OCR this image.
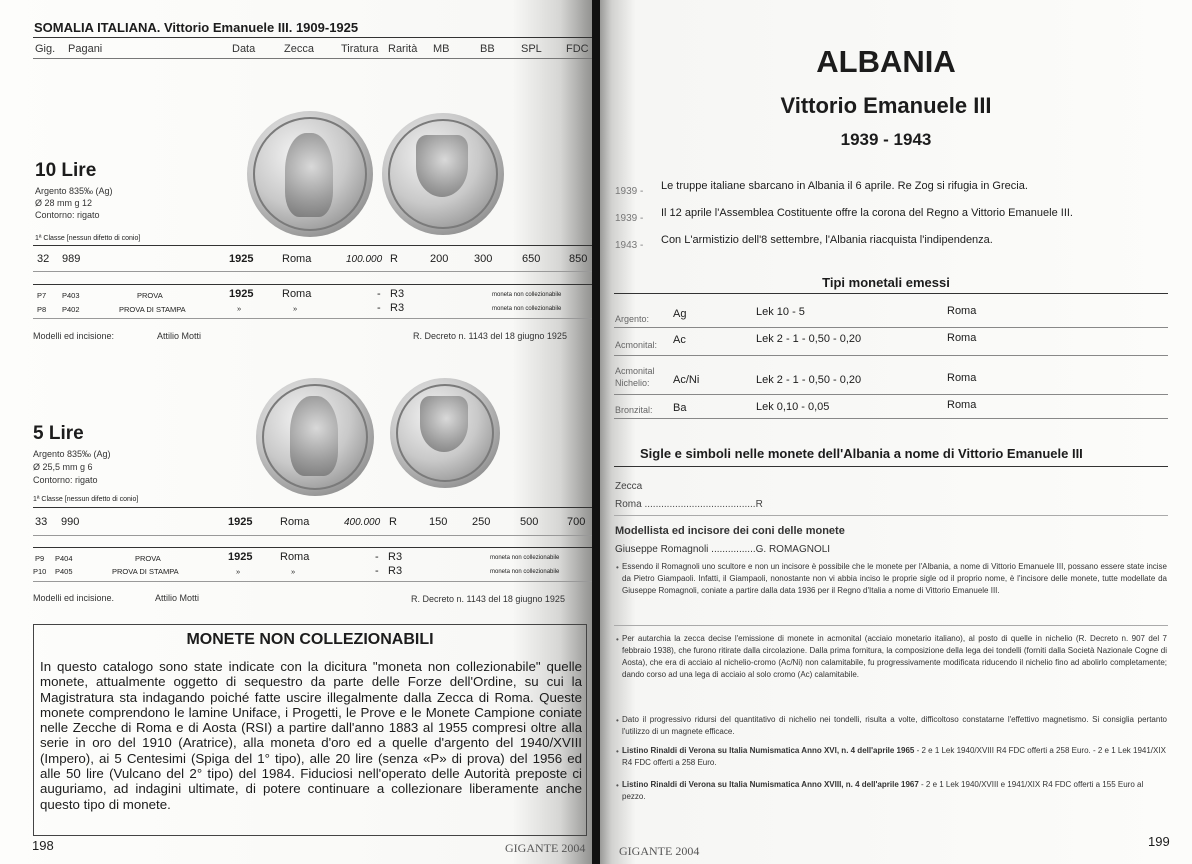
SOMALIA ITALIANA. Vittorio Emanuele III. 1909-1925
Gig. Pagani	Data	Zecca Tiratura Rarità MB	BB SPL FDC
10 Lire
Argento 835‰ (Ag)
Ø 28 mm g 12
Contorno: rigato
1ª Classe [nessun difetto di conio]
32 989	1925	Roma	100.000 R	200 300	650	850
P7 P403	PROVA	1925	Roma	- R3	moneta non collezionabile
P8 P402	PROVA DI STAMPA	»	»	- R3	moneta non collezionabile
Modelli ed incisione:	Attilio Motti	R. Decreto n. 1143 del 18 giugno 1925
5 Lire
Argento 835‰ (Ag)
Ø 25,5 mm g 6
Contorno: rigato
1ª Classe [nessun difetto di conio]
33 990	1925	Roma	400.000 R	150 250	500	700
P9 P404	PROVA	1925	Roma	- R3	moneta non collezionabile
P10 P405	PROVA DI STAMPA	»	»	- R3	moneta non collezionabile
Modelli ed incisione.	Attilio Motti	R. Decreto n. 1143 del 18 giugno 1925
MONETE NON COLLEZIONABILI
In questo catalogo sono state indicate con la dicitura "moneta non collezionabile" quelle monete, attualmente oggetto di sequestro da parte delle Forze dell'Ordine, su cui la Magistratura sta indagando poiché fatte uscire illegalmente dalla Zecca di Roma. Queste monete comprendono le lamine Uniface, i Progetti, le Prove e le Monete Campione coniate nelle Zecche di Roma e di Aosta (RSI) a partire dall'anno 1883 al 1955 compresi oltre alla serie in oro del 1910 (Aratrice), alla moneta d'oro ed a quelle d'argento del 1940/XVIII (Impero), ai 5 Centesimi (Spiga del 1° tipo), alle 20 lire (senza «P» di prova) del 1956 ed alle 50 lire (Vulcano del 2° tipo) del 1984. Fiduciosi nell'operato delle Autorità preposte ci auguriamo, ad indagini ultimate, di potere continuare a collezionare liberamente anche questo tipo di monete.
198	GIGANTE 2004
ALBANIA
Vittorio Emanuele III
1939 - 1943
1939 - Le truppe italiane sbarcano in Albania il 6 aprile. Re Zog si rifugia in Grecia.
1939 - Il 12 aprile l'Assemblea Costituente offre la corona del Regno a Vittorio Emanuele III.
1943 - Con L'armistizio dell'8 settembre, l'Albania riacquista l'indipendenza.
Tipi monetali emessi
Argento: Ag	Lek 10 - 5	Roma
Acmonital: Ac	Lek 2 - 1 - 0,50 - 0,20	Roma
Acmonital Nichelio:	Ac/Ni	Lek 2 - 1 - 0,50 - 0,20	Roma
Bronzital: Ba	Lek 0,10 - 0,05	Roma
Sigle e simboli nelle monete dell'Albania a nome di Vittorio Emanuele III
Zecca
Roma ........................................R
Modellista ed incisore dei coni delle monete
Giuseppe Romagnoli ................G. ROMAGNOLI
• Essendo il Romagnoli uno scultore e non un incisore è possibile che le monete per l'Albania, a nome di Vittorio Emanuele III, possano essere state incise da Pietro Giampaoli. Infatti, il Giampaoli, nonostante non vi abbia inciso le proprie sigle od il proprio nome, è l'incisore delle monete, tutte modellate da Giuseppe Romagnoli, coniate a partire dalla data 1936 per il Regno d'Italia a nome di Vittorio Emanuele III.
• Per autarchia la zecca decise l'emissione di monete in acmonital (acciaio monetario italiano), al posto di quelle in nichelio (R. Decreto n. 907 del 7 febbraio 1938), che furono ritirate dalla circolazione. Dalla prima fornitura, la composizione della lega dei tondelli (forniti dalla Società Nazionale Cogne di Aosta), che era di acciaio al nichelio-cromo (Ac/Ni) non calamitabile, fu progressivamente modificata riducendo il nichelio fino ad abolirlo completamente; dando corso ad una lega di acciaio al solo cromo (Ac) calamitabile.
• Dato il progressivo ridursi del quantitativo di nichelio nei tondelli, risulta a volte, difficoltoso constatarne l'effettivo magnetismo. Si consiglia pertanto l'utilizzo di un magnete efficace.
• Listino Rinaldi di Verona su Italia Numismatica Anno XVI, n. 4 dell'aprile 1965 - 2 e 1 Lek 1940/XVIII R4 FDC offerti a 258 Euro. - 2 e 1 Lek 1941/XIX R4 FDC offerti a 258 Euro.
• Listino Rinaldi di Verona su Italia Numismatica Anno XVIII, n. 4 dell'aprile 1967 - 2 e 1 Lek 1940/XVIII e 1941/XIX R4 FDC offerti a 155 Euro al pezzo.
GIGANTE 2004
199
